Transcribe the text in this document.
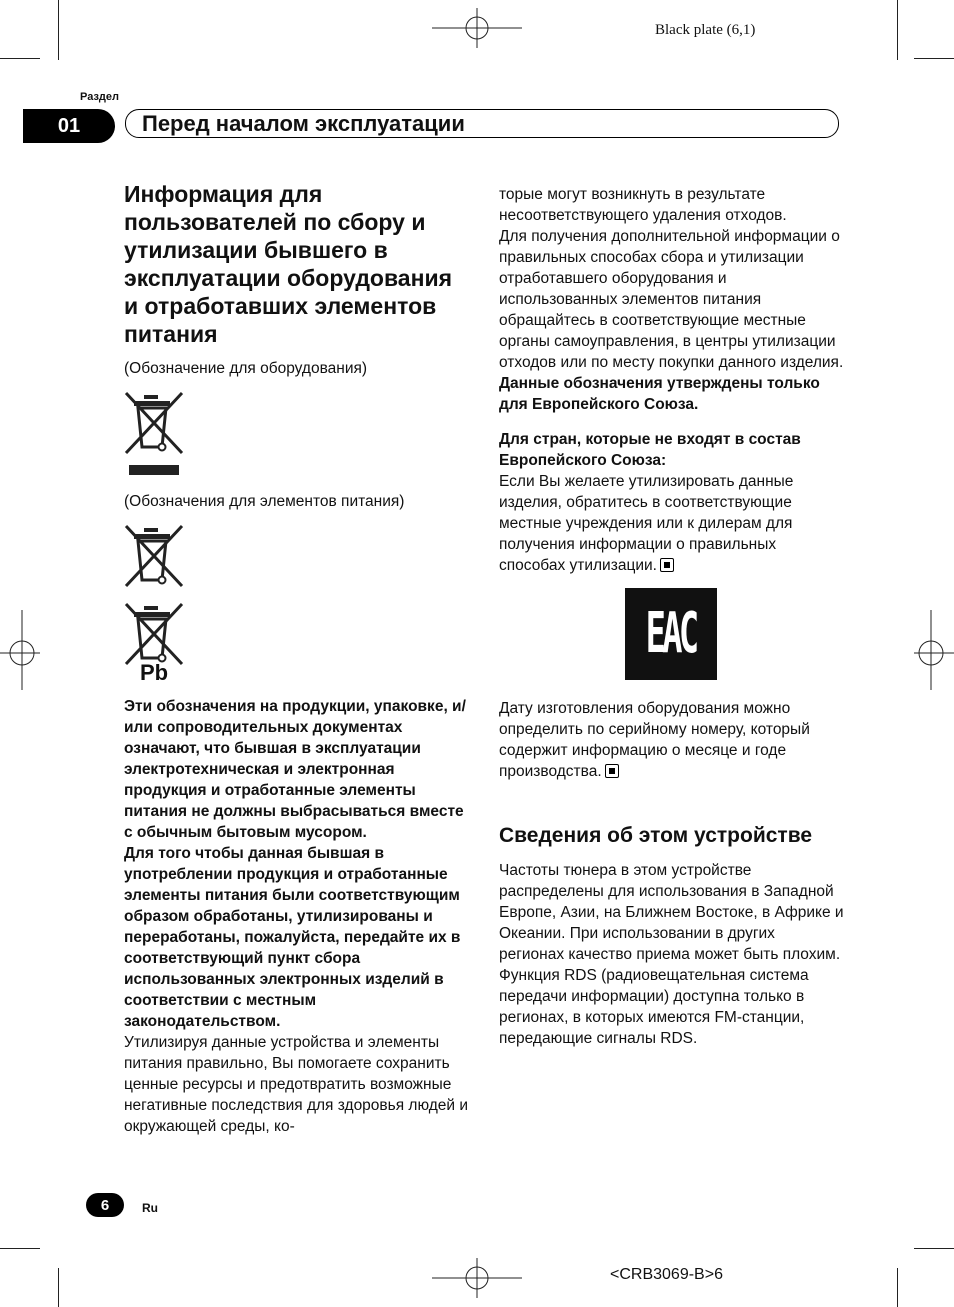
Black plate (6,1)
Раздел
01	Перед началом эксплуатации
Информация для пользователей по сбору и утилизации бывшего в эксплуатации оборудования и отработавших элементов питания

(Обозначение для оборудования)

(Обозначения для элементов питания)

Pb

Эти обозначения на продукции, упаковке, и/или сопроводительных документах означают, что бывшая в эксплуатации электротехническая и электронная продукция и отработанные элементы питания не должны выбрасываться вместе с обычным бытовым мусором.

Для того чтобы данная бывшая в употреблении продукция и отработанные элементы питания были соответствующим образом обработаны, утилизированы и переработаны, пожалуйста, передайте их в соответствующий пункт сбора использованных электронных изделий в соответствии с местным законодательством.

Утилизируя данные устройства и элементы питания правильно, Вы помогаете сохранить ценные ресурсы и предотвратить возможные негативные последствия для здоровья людей и окружающей среды, ко-

торые могут возникнуть в результате несоответствующего удаления отходов.

Для получения дополнительной информации о правильных способах сбора и утилизации отработавшего оборудования и использованных элементов питания обращайтесь в соответствующие местные органы самоуправления, в центры утилизации отходов или по месту покупки данного изделия.

Данные обозначения утверждены только для Европейского Союза.

Для стран, которые не входят в состав Европейского Союза:

Если Вы желаете утилизировать данные изделия, обратитесь в соответствующие местные учреждения или к дилерам для получения информации о правильных способах утилизации.

EAC

Дату изготовления оборудования можно определить по серийному номеру, который содержит информацию о месяце и годе производства.

Сведения об этом устройстве

Частоты тюнера в этом устройстве распределены для использования в Западной Европе, Азии, на Ближнем Востоке, в Африке и Океании. При использовании в других регионах качество приема может быть плохим. Функция RDS (радиовещательная система передачи информации) доступна только в регионах, в которых имеются FM-станции, передающие сигналы RDS.

6	Ru
<CRB3069-B>6
